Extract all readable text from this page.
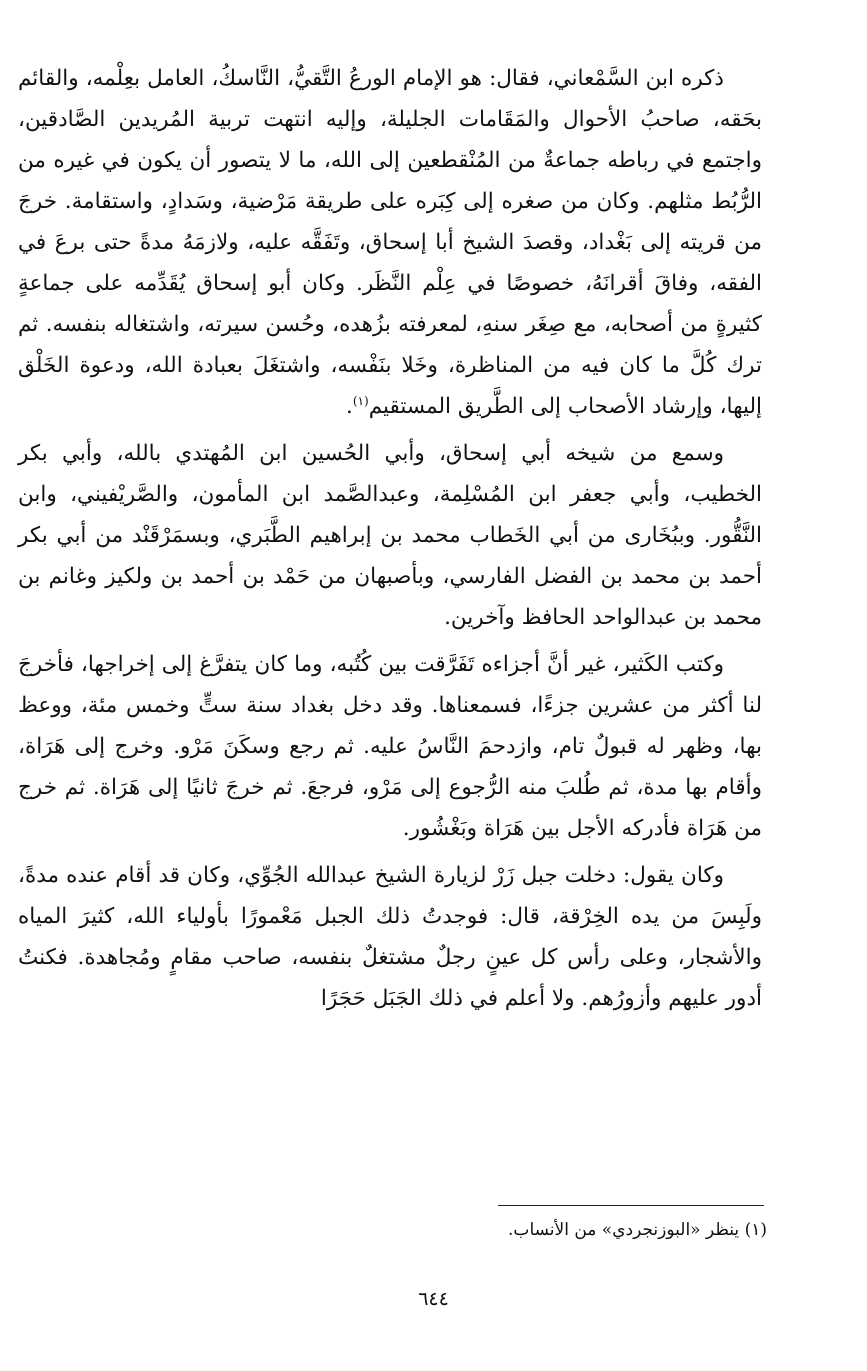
ذكره ابن السَّمْعاني، فقال: هو الإمام الورعُ التَّقيُّ، النَّاسكُ، العامل بعِلْمه، والقائم بحَقه، صاحبُ الأحوال والمَقَامات الجليلة، وإليه انتهت تربية المُريدين الصَّادقين، واجتمع في رباطه جماعةٌ من المُنْقطعين إلى الله، ما لا يتصور أن يكون في غيره من الرُّبُط مثلهم. وكان من صغره إلى كِبَره على طريقة مَرْضية، وسَدادٍ، واستقامة. خرجَ من قريته إلى بَغْداد، وقصدَ الشيخ أبا إسحاق، وتَفَقَّه عليه، ولازمَهُ مدةً حتى برعَ في الفقه، وفاقَ أقرانَهُ، خصوصًا في عِلْم النَّظَر. وكان أبو إسحاق يُقَدِّمه على جماعةٍ كثيرةٍ من أصحابه، مع صِغَر سنهِ، لمعرفته بزُهده، وحُسن سيرته، واشتغاله بنفسه. ثم ترك كُلَّ ما كان فيه من المناظرة، وخَلا بنَفْسه، واشتغَلَ بعبادة الله، ودعوة الخَلْق إليها، وإرشاد الأصحاب إلى الطَّريق المستقيم$^{(١)}$.

وسمع من شيخه أبي إسحاق، وأبي الحُسين ابن المُهتدي بالله، وأبي بكر الخطيب، وأبي جعفر ابن المُسْلِمة، وعبدالصَّمد ابن المأمون، والصَّريْفيني، وابن النَّقُّور. وببُخَارى من أبي الخَطاب محمد بن إبراهيم الطَّبَري، وبسمَرْقَنْد من أبي بكر أحمد بن محمد بن الفضل الفارسي، وبأصبهان من حَمْد بن أحمد بن ولكيز وغانم بن محمد بن عبدالواحد الحافظ وآخرين.

وكتب الكَثير، غير أنَّ أجزاءه تَفَرَّقت بين كُتُبه، وما كان يتفرَّغ إلى إخراجها، فأخرجَ لنا أكثر من عشرين جزءًا، فسمعناها. وقد دخل بغداد سنة ستٍّ وخمس مئة، ووعظ بها، وظهر له قبولٌ تام، وازدحمَ النَّاسُ عليه. ثم رجع وسكَنَ مَرْو. وخرج إلى هَرَاة، وأقام بها مدة، ثم طُلبَ منه الرُّجوع إلى مَرْو، فرجعَ. ثم خرجَ ثانيًا إلى هَرَاة. ثم خرج من هَرَاة فأدركه الأجل بين هَرَاة وبَغْشُور.

وكان يقول: دخلت جبل زَرْ لزيارة الشيخ عبدالله الجُوِّي، وكان قد أقام عنده مدةً، ولَبِسَ من يده الخِرْقة، قال: فوجدتُ ذلك الجبل مَعْمورًا بأولياء الله، كثيرَ المياه والأشجار، وعلى رأس كل عينٍ رجلٌ مشتغلٌ بنفسه، صاحب مقامٍ ومُجاهدة. فكنتُ أدور عليهم وأزورُهم. ولا أعلم في ذلك الجَبَل حَجَرًا

(١) ينظر «البوزنجردي» من الأنساب.
٦٤٤
